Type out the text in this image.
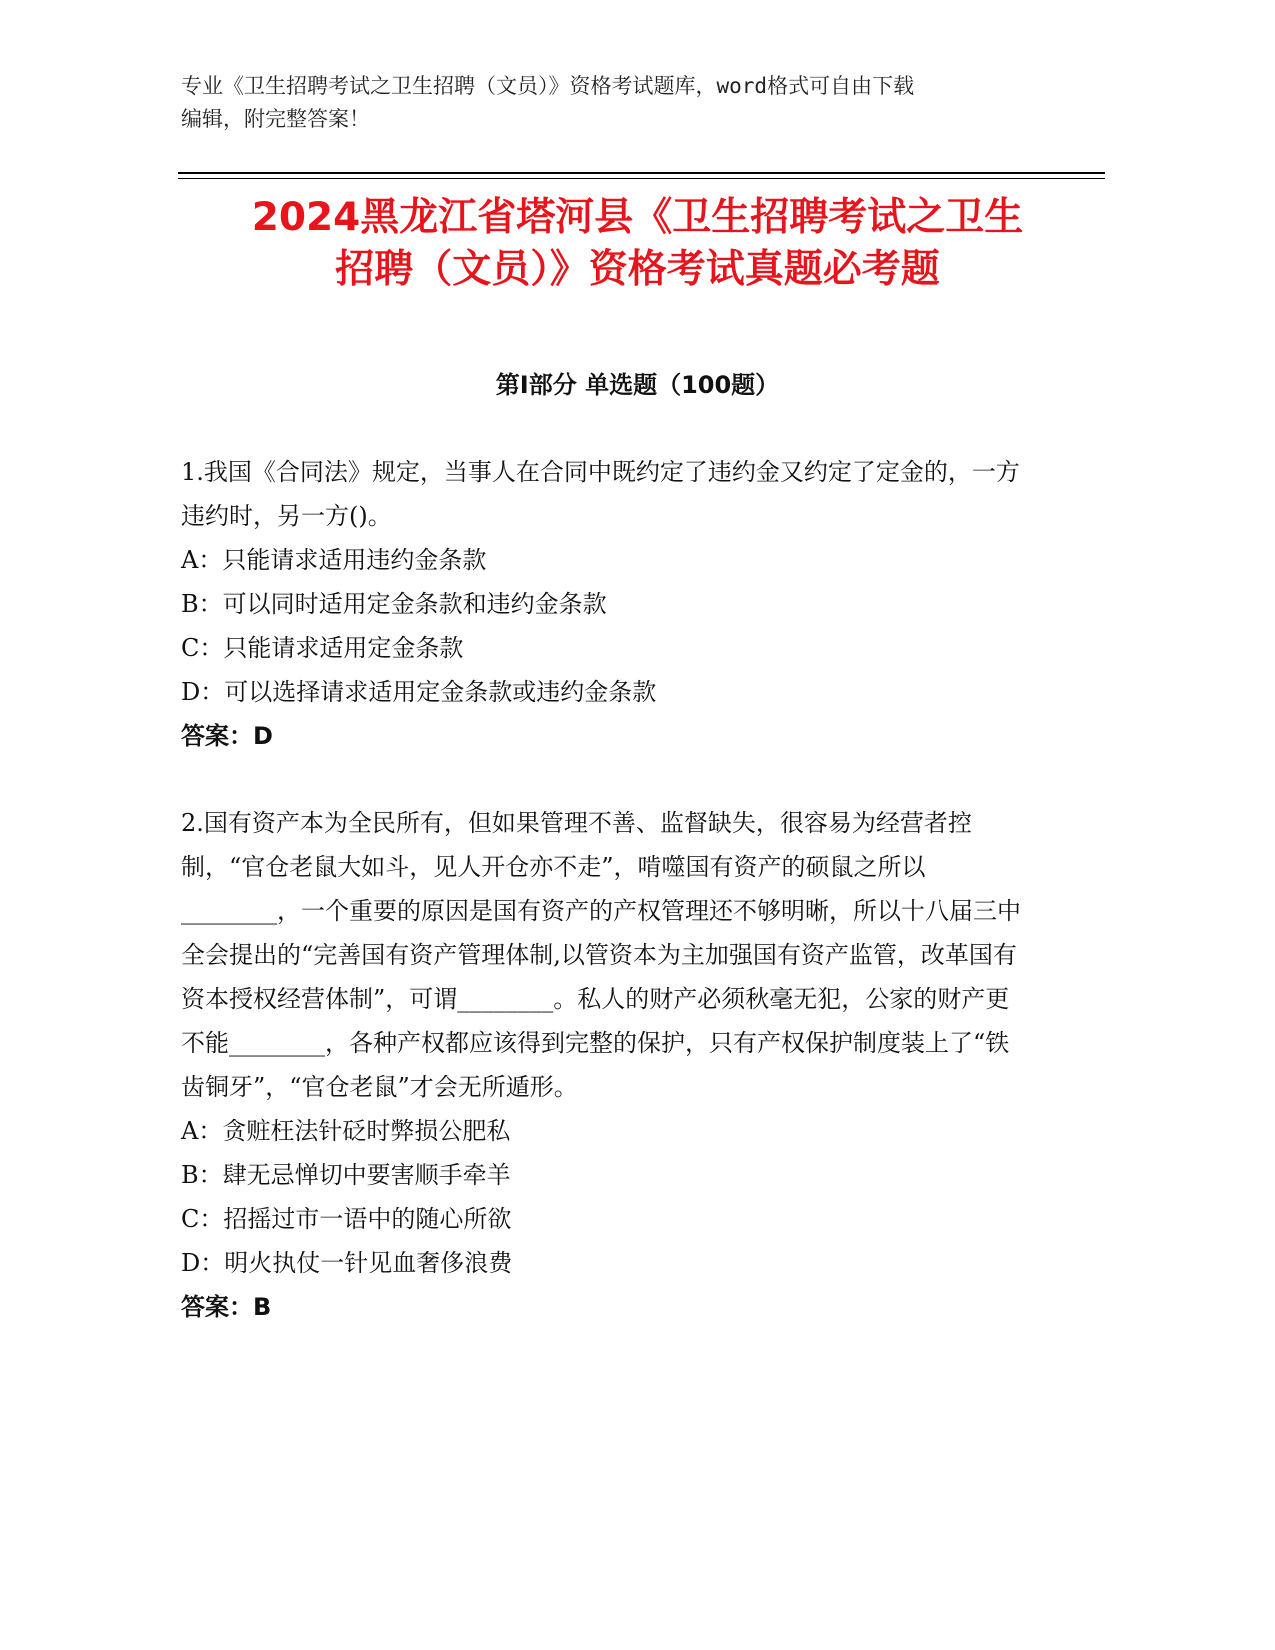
专业《卫生招聘考试之卫生招聘（文员）》资格考试题库，word格式可自由下载

编辑，附完整答案！

2024黑龙江省塔河县《卫生招聘考试之卫生
招聘（文员）》资格考试真题必考题
第Ⅰ部分 单选题（100题）

1.我国《合同法》规定，当事人在合同中既约定了违约金又约定了定金的，一方违约时，另一方()。

A：只能请求适用违约金条款

B：可以同时适用定金条款和违约金条款

C：只能请求适用定金条款

D：可以选择请求适用定金条款或违约金条款

答案：D

2.国有资产本为全民所有，但如果管理不善、监督缺失，很容易为经营者控制，“官仓老鼠大如斗，见人开仓亦不走”，啃噬国有资产的硕鼠之所以________，一个重要的原因是国有资产的产权管理还不够明晰，所以十八届三中全会提出的“完善国有资产管理体制,以管资本为主加强国有资产监管，改革国有资本授权经营体制”，可谓________。私人的财产必须秋毫无犯，公家的财产更不能________，各种产权都应该得到完整的保护，只有产权保护制度装上了“铁齿铜牙”，“官仓老鼠”才会无所遁形。

A：贪赃枉法针砭时弊损公肥私

B：肆无忌惮切中要害顺手牵羊

C：招摇过市一语中的随心所欲

D：明火执仗一针见血奢侈浪费

答案：B
